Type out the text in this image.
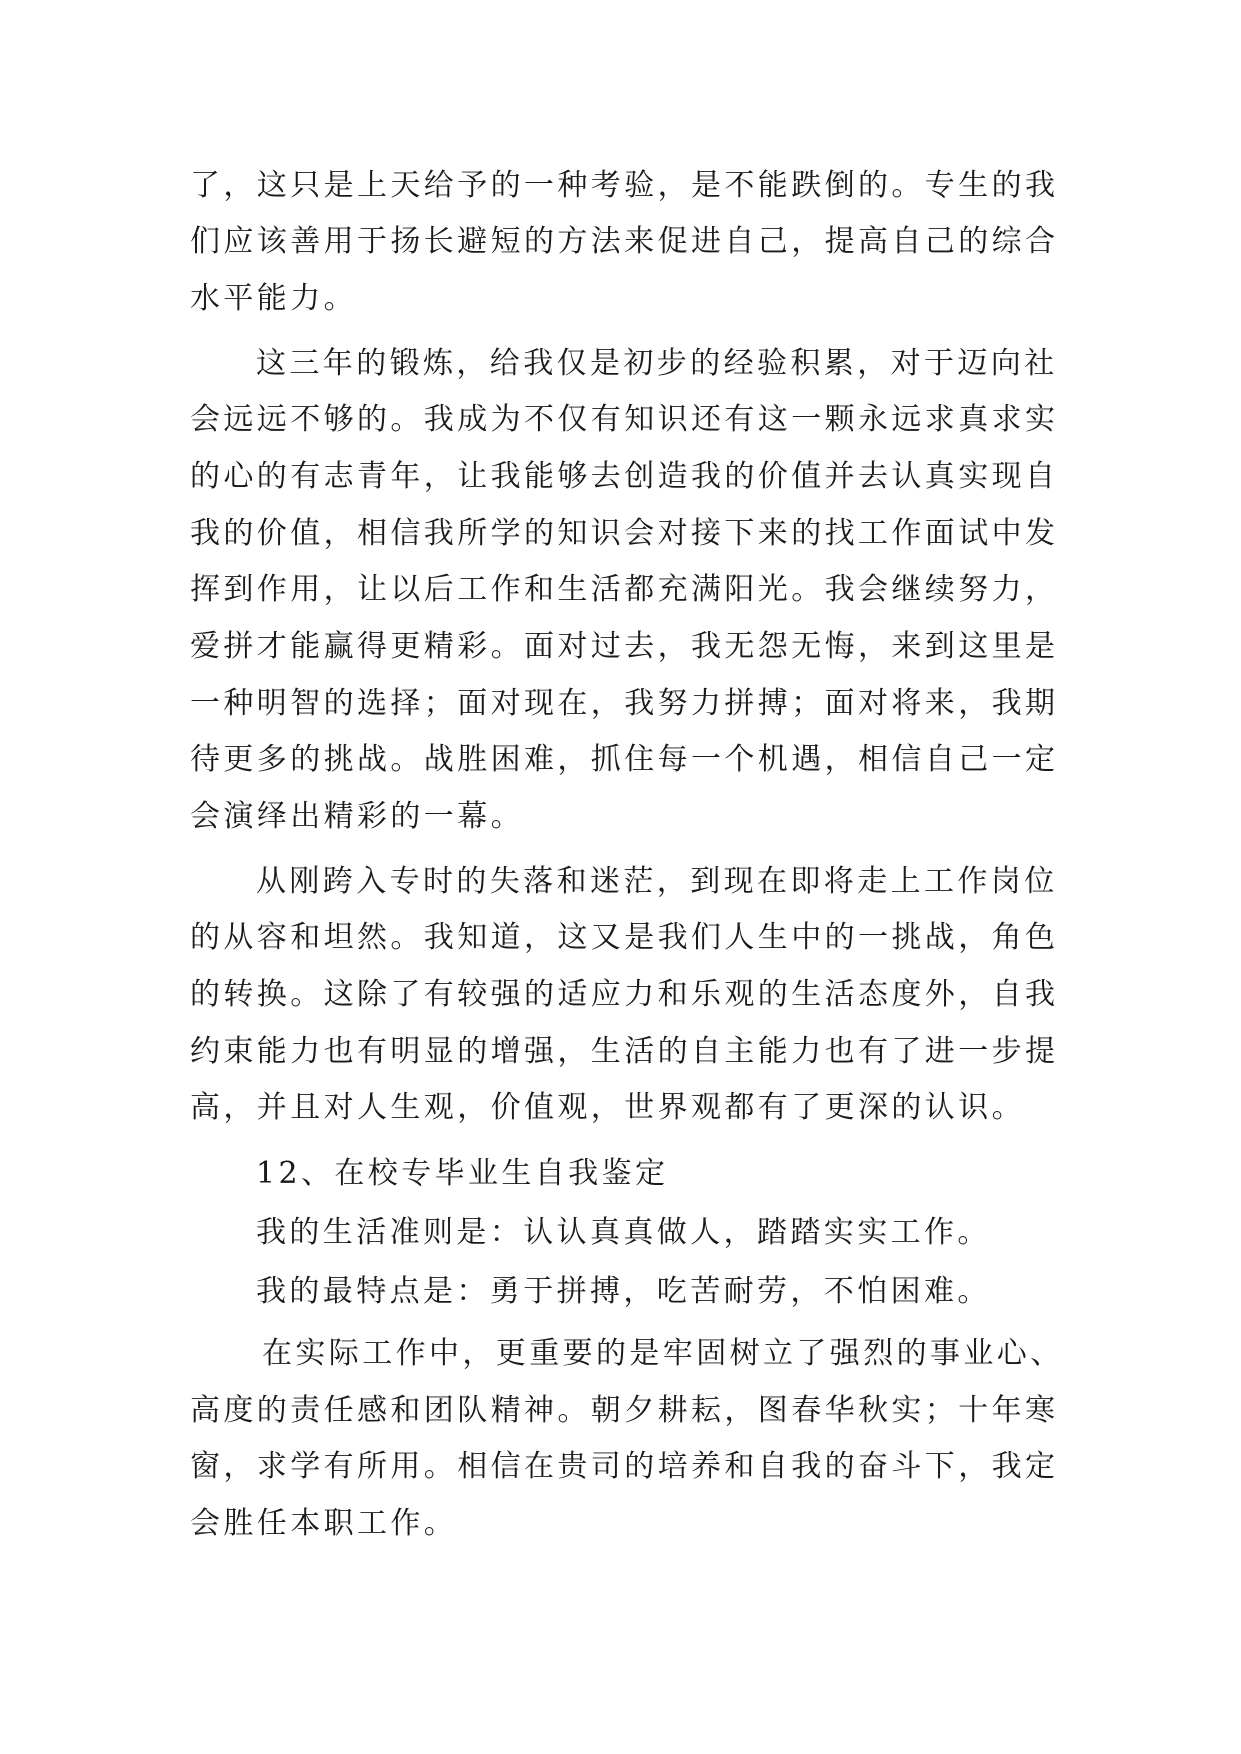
了，这只是上天给予的一种考验，是不能跌倒的。专生的我
们应该善用于扬长避短的方法来促进自己，提高自己的综合
水平能力。
这三年的锻炼，给我仅是初步的经验积累，对于迈向社
会远远不够的。我成为不仅有知识还有这一颗永远求真求实
的心的有志青年，让我能够去创造我的价值并去认真实现自
我的价值，相信我所学的知识会对接下来的找工作面试中发
挥到作用，让以后工作和生活都充满阳光。我会继续努力，
爱拼才能赢得更精彩。面对过去，我无怨无悔，来到这里是
一种明智的选择；面对现在，我努力拼搏；面对将来，我期
待更多的挑战。战胜困难，抓住每一个机遇，相信自己一定
会演绎出精彩的一幕。
从刚跨入专时的失落和迷茫，到现在即将走上工作岗位
的从容和坦然。我知道，这又是我们人生中的一挑战，角色
的转换。这除了有较强的适应力和乐观的生活态度外，自我
约束能力也有明显的增强，生活的自主能力也有了进一步提
高，并且对人生观，价值观，世界观都有了更深的认识。
12、在校专毕业生自我鉴定
我的生活准则是：认认真真做人，踏踏实实工作。
我的最特点是：勇于拼搏，吃苦耐劳，不怕困难。
在实际工作中，更重要的是牢固树立了强烈的事业心、
高度的责任感和团队精神。朝夕耕耘，图春华秋实；十年寒
窗，求学有所用。相信在贵司的培养和自我的奋斗下，我定
会胜任本职工作。
